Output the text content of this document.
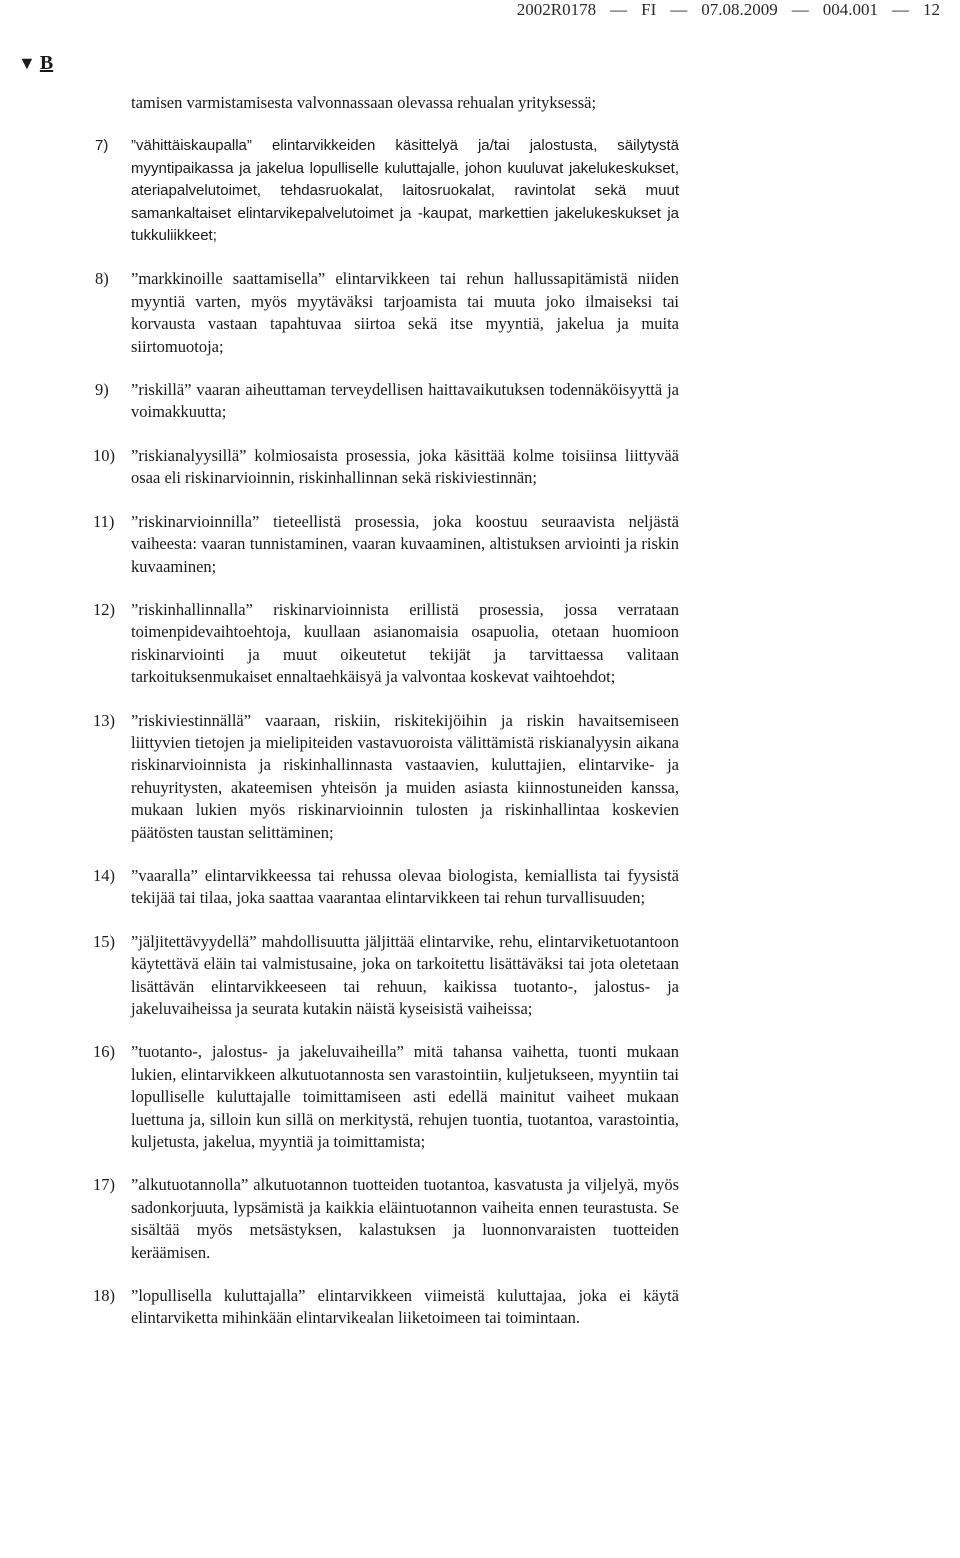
2002R0178 — FI — 07.08.2009 — 004.001 — 12
▼ B

tamisen varmistamisesta valvonnassaan olevassa rehualan yrityksessä;

7) ”vähittäiskaupalla” elintarvikkeiden käsittelyä ja/tai jalostusta, säilytystä myyntipaikassa ja jakelua lopulliselle kuluttajalle, johon kuuluvat jakelukeskukset, ateriapalvelutoimet, tehdasruokalat, laitosruokalat, ravintolat sekä muut samankaltaiset elintarvikepalvelutoimet ja -kaupat, markettien jakelukeskukset ja tukkuliikkeet;
8) ”markkinoille saattamisella” elintarvikkeen tai rehun hallussapitämistä niiden myyntiä varten, myös myytäväksi tarjoamista tai muuta joko ilmaiseksi tai korvausta vastaan tapahtuvaa siirtoa sekä itse myyntiä, jakelua ja muita siirtomuotoja;
9) ”riskillä” vaaran aiheuttaman terveydellisen haittavaikutuksen todennäköisyyttä ja voimakkuutta;
10) ”riskianalyysillä” kolmiosaista prosessia, joka käsittää kolme toisiinsa liittyvää osaa eli riskinarvioinnin, riskinhallinnan sekä riskiviestinnän;
11) ”riskinarvioinnilla” tieteellistä prosessia, joka koostuu seuraavista neljästä vaiheesta: vaaran tunnistaminen, vaaran kuvaaminen, altistuksen arviointi ja riskin kuvaaminen;
12) ”riskinhallinnalla” riskinarvioinnista erillistä prosessia, jossa verrataan toimenpidevaihtoehtoja, kuullaan asianomaisia osapuolia, otetaan huomioon riskinarviointi ja muut oikeutetut tekijät ja tarvittaessa valitaan tarkoituksenmukaiset ennaltaehkäisyä ja valvontaa koskevat vaihtoehdot;
13) ”riskiviestinnällä” vaaraan, riskiin, riskitekijöihin ja riskin havaitsemiseen liittyvien tietojen ja mielipiteiden vastavuoroista välittämistä riskianalyysin aikana riskinarvioinnista ja riskinhallinnasta vastaavien, kuluttajien, elintarvike- ja rehuyritysten, akateemisen yhteisön ja muiden asiasta kiinnostuneiden kanssa, mukaan lukien myös riskinarvioinnin tulosten ja riskinhallintaa koskevien päätösten taustan selittäminen;
14) ”vaaralla” elintarvikkeessa tai rehussa olevaa biologista, kemiallista tai fyysistä tekijää tai tilaa, joka saattaa vaarantaa elintarvikkeen tai rehun turvallisuuden;
15) ”jäljitettävyydellä” mahdollisuutta jäljittää elintarvike, rehu, elintarviketuotantoon käytettävä eläin tai valmistusaine, joka on tarkoitettu lisättäväksi tai jota oletetaan lisättävän elintarvikkeeseen tai rehuun, kaikissa tuotanto-, jalostus- ja jakeluvaiheissa ja seurata kutakin näistä kyseisistä vaiheissa;
16) ”tuotanto-, jalostus- ja jakeluvaiheilla” mitä tahansa vaihetta, tuonti mukaan lukien, elintarvikkeen alkutuotannosta sen varastointiin, kuljetukseen, myyntiin tai lopulliselle kuluttajalle toimittamiseen asti edellä mainitut vaiheet mukaan luettuna ja, silloin kun sillä on merkitystä, rehujen tuontia, tuotantoa, varastointia, kuljetusta, jakelua, myyntiä ja toimittamista;
17) ”alkutuotannolla” alkutuotannon tuotteiden tuotantoa, kasvatusta ja viljelyä, myös sadonkorjuuta, lypsämistä ja kaikkia eläintuotannon vaiheita ennen teurastusta. Se sisältää myös metsästyksen, kalastuksen ja luonnonvaraisten tuotteiden keräämisen.
18) ”lopullisella kuluttajalla” elintarvikkeen viimeistä kuluttajaa, joka ei käytä elintarviketta mihinkään elintarvikealan liiketoimeen tai toimintaan.
